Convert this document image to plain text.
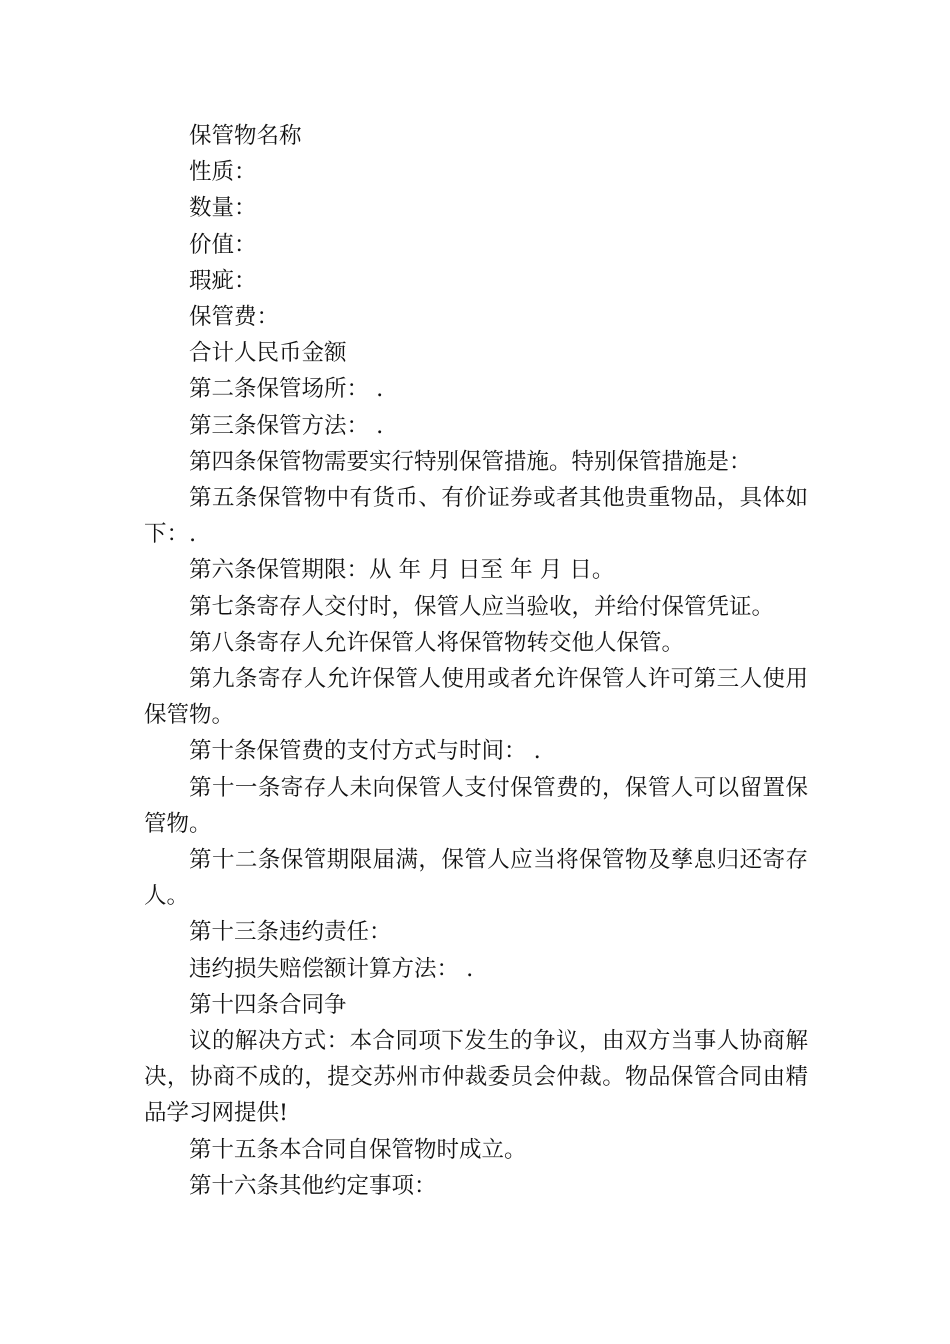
保管物名称

性质：

数量：

价值：

瑕疵：

保管费：

合计人民币金额

第二条保管场所： .

第三条保管方法： .

第四条保管物需要实行特别保管措施。特别保管措施是：

第五条保管物中有货币、有价证券或者其他贵重物品，具体如下：.

第六条保管期限：从 年 月 日至 年 月 日。

第七条寄存人交付时，保管人应当验收，并给付保管凭证。

第八条寄存人允许保管人将保管物转交他人保管。

第九条寄存人允许保管人使用或者允许保管人许可第三人使用保管物。

第十条保管费的支付方式与时间： .

第十一条寄存人未向保管人支付保管费的，保管人可以留置保管物。

第十二条保管期限届满，保管人应当将保管物及孳息归还寄存人。

第十三条违约责任：

违约损失赔偿额计算方法： .

第十四条合同争

议的解决方式：本合同项下发生的争议，由双方当事人协商解决，协商不成的，提交苏州市仲裁委员会仲裁。物品保管合同由精品学习网提供!

第十五条本合同自保管物时成立。

第十六条其他约定事项：
